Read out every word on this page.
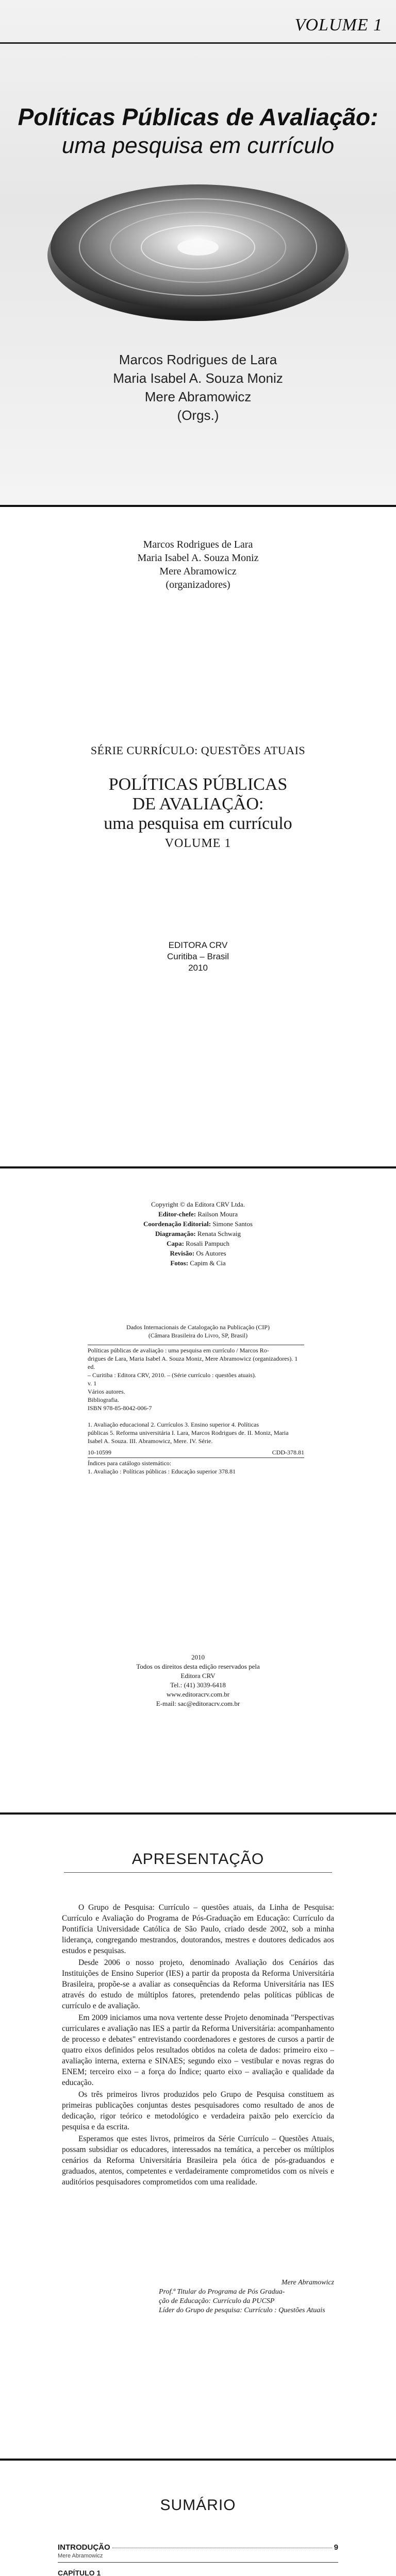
VOLUME 1
Políticas Públicas de Avaliação:
uma pesquisa em currículo
Marcos Rodrigues de Lara
Maria Isabel A. Souza Moniz
Mere Abramowicz
(Orgs.)
Marcos Rodrigues de Lara
Maria Isabel A. Souza Moniz
Mere Abramowicz
(organizadores)
SÉRIE CURRÍCULO: QUESTÕES ATUAIS
POLÍTICAS PÚBLICAS
DE AVALIAÇÃO:
uma pesquisa em currículo
VOLUME 1
EDITORA CRV
Curitiba – Brasil
2010
Copyright © da Editora CRV Ltda.
Editor-chefe: Railson Moura
Coordenação Editorial: Simone Santos
Diagramação: Renata Schwaig
Capa: Rosali Pampuch
Revisão: Os Autores
Fotos: Capim & Cia
Dados Internacionais de Catalogação na Publicação (CIP)
(Câmara Brasileira do Livro, SP, Brasil)
Políticas públicas de avaliação : uma pesquisa em currículo / Marcos Ro-
drigues de Lara, Maria Isabel A. Souza Moniz, Mere Abramowicz (organizadores). 1 ed.
– Curitiba : Editora CRV, 2010. – (Série currículo : questões atuais).
v. 1
Vários autores.
Bibliografia.
ISBN 978-85-8042-006-7

1. Avaliação educacional 2. Currículos 3. Ensino superior 4. Políticas
públicas 5. Reforma universitária I. Lara, Marcos Rodrigues de. II. Moniz, Maria
Isabel A. Souza. III. Abramowicz, Mere. IV. Série.
10-10599	CDD-378.81
Índices para catálogo sistemático:
1. Avaliação : Políticas públicas : Educação superior 378.81
2010
Todos os direitos desta edição reservados pela
Editora CRV
Tel.: (41) 3039-6418
www.editoracrv.com.br
E-mail: sac@editoracrv.com.br
APRESENTAÇÃO

O Grupo de Pesquisa: Currículo – questões atuais, da Linha de Pesquisa: Currículo e Avaliação do Programa de Pós-Graduação em Educação: Currículo da Pontifícia Universidade Católica de São Paulo, criado desde 2002, sob a minha liderança, congregando mestrandos, doutorandos, mestres e doutores dedicados aos estudos e pesquisas.

Desde 2006 o nosso projeto, denominado Avaliação dos Cenários das Instituições de Ensino Superior (IES) a partir da proposta da Reforma Universitária Brasileira, propõe-se a avaliar as consequências da Reforma Universitária nas IES através do estudo de múltiplos fatores, pretendendo pelas políticas públicas de currículo e de avaliação.

Em 2009 iniciamos uma nova vertente desse Projeto denominada "Perspectivas curriculares e avaliação nas IES a partir da Reforma Universitária: acompanhamento de processo e debates" entrevistando coordenadores e gestores de cursos a partir de quatro eixos definidos pelos resultados obtidos na coleta de dados: primeiro eixo – avaliação interna, externa e SINAES; segundo eixo – vestibular e novas regras do ENEM; terceiro eixo – a força do Índice; quarto eixo – avaliação e qualidade da educação.

Os três primeiros livros produzidos pelo Grupo de Pesquisa constituem as primeiras publicações conjuntas destes pesquisadores como resultado de anos de dedicação, rigor teórico e metodológico e verdadeira paixão pelo exercício da pesquisa e da escrita.

Esperamos que estes livros, primeiros da Série Currículo – Questões Atuais, possam subsidiar os educadores, interessados na temática, a perceber os múltiplos cenários da Reforma Universitária Brasileira pela ótica de pós-graduandos e graduados, atentos, competentes e verdadeiramente comprometidos com os níveis e auditórios pesquisadores comprometidos com uma realidade.

Mere Abramowicz
Prof.ª Titular do Programa de Pós Gradua-
ção de Educação: Currículo da PUCSP
Líder do Grupo de pesquisa: Currículo : Questões Atuais
SUMÁRIO
INTRODUÇÃO	9
Mere Abramowicz
CAPÍTULO 1
